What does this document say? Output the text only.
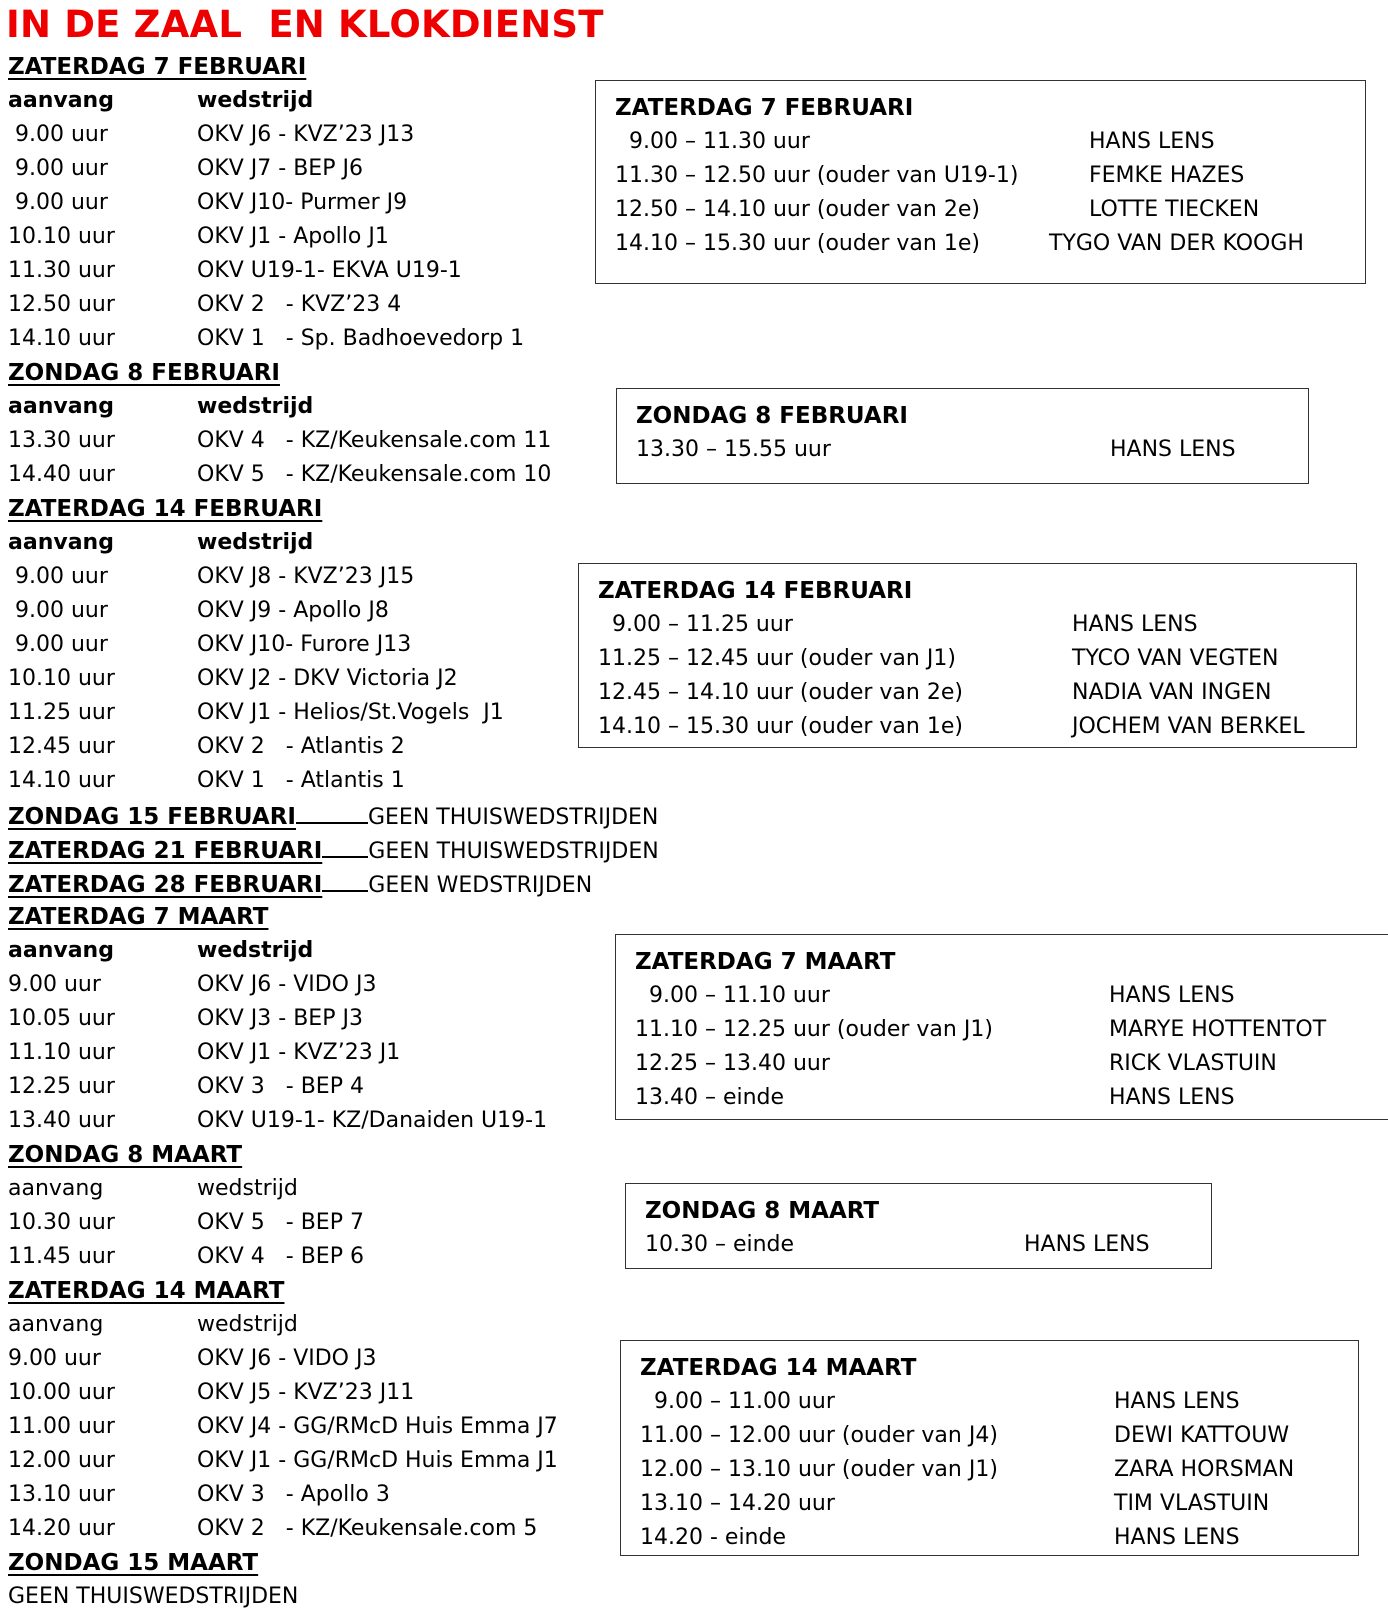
IN DE ZAAL  EN KLOKDIENST
ZATERDAG 7 FEBRUARI
aanvang	wedstrijd
9.00 uur	OKV J6 - KVZ’23 J13
9.00 uur	OKV J7 - BEP J6
9.00 uur	OKV J10- Purmer J9
10.10 uur	OKV J1 - Apollo J1
11.30 uur	OKV U19-1- EKVA U19-1
12.50 uur	OKV 2   - KVZ’23 4
14.10 uur	OKV 1   - Sp. Badhoevedorp 1
ZONDAG 8 FEBRUARI
aanvang	wedstrijd
13.30 uur	OKV 4   - KZ/Keukensale.com 11
14.40 uur	OKV 5   - KZ/Keukensale.com 10
ZATERDAG 14 FEBRUARI
aanvang	wedstrijd
9.00 uur	OKV J8 - KVZ’23 J15
9.00 uur	OKV J9 - Apollo J8
9.00 uur	OKV J10- Furore J13
10.10 uur	OKV J2 - DKV Victoria J2
11.25 uur	OKV J1 - Helios/St.Vogels  J1
12.45 uur	OKV 2   - Atlantis 2
14.10 uur	OKV 1   - Atlantis 1
ZONDAG 15 FEBRUARI	GEEN THUISWEDSTRIJDEN
ZATERDAG 21 FEBRUARI GEEN THUISWEDSTRIJDEN
ZATERDAG 28 FEBRUARI GEEN WEDSTRIJDEN
ZATERDAG 7 MAART
aanvang	wedstrijd
9.00 uur	OKV J6 - VIDO J3
10.05 uur	OKV J3 - BEP J3
11.10 uur	OKV J1 - KVZ’23 J1
12.25 uur	OKV 3   - BEP 4
13.40 uur	OKV U19-1- KZ/Danaiden U19-1
ZONDAG 8 MAART
aanvang	wedstrijd
10.30 uur	OKV 5   - BEP 7
11.45 uur	OKV 4   - BEP 6
ZATERDAG 14 MAART
aanvang	wedstrijd
9.00 uur	OKV J6 - VIDO J3
10.00 uur	OKV J5 - KVZ’23 J11
11.00 uur	OKV J4 - GG/RMcD Huis Emma J7
12.00 uur	OKV J1 - GG/RMcD Huis Emma J1
13.10 uur	OKV 3   - Apollo 3
14.20 uur	OKV 2   - KZ/Keukensale.com 5
ZONDAG 15 MAART
GEEN THUISWEDSTRIJDEN
ZATERDAG 7 FEBRUARI
9.00 – 11.30 uur	HANS LENS
11.30 – 12.50 uur (ouder van U19-1)	FEMKE HAZES
12.50 – 14.10 uur (ouder van 2e)	LOTTE TIECKEN
14.10 – 15.30 uur (ouder van 1e)	TYGO VAN DER KOOGH
ZONDAG 8 FEBRUARI
13.30 – 15.55 uur	HANS LENS
ZATERDAG 14 FEBRUARI
9.00 – 11.25 uur	HANS LENS
11.25 – 12.45 uur (ouder van J1)	TYCO VAN VEGTEN
12.45 – 14.10 uur (ouder van 2e)	NADIA VAN INGEN
14.10 – 15.30 uur (ouder van 1e)	JOCHEM VAN BERKEL
ZATERDAG 7 MAART
9.00 – 11.10 uur	HANS LENS
11.10 – 12.25 uur (ouder van J1)	MARYE HOTTENTOT
12.25 – 13.40 uur	RICK VLASTUIN
13.40 – einde	HANS LENS
ZONDAG 8 MAART
10.30 – einde	HANS LENS
ZATERDAG 14 MAART
9.00 – 11.00 uur	HANS LENS
11.00 – 12.00 uur (ouder van J4)	DEWI KATTOUW
12.00 – 13.10 uur (ouder van J1)	ZARA HORSMAN
13.10 – 14.20 uur	TIM VLASTUIN
14.20 - einde	HANS LENS
